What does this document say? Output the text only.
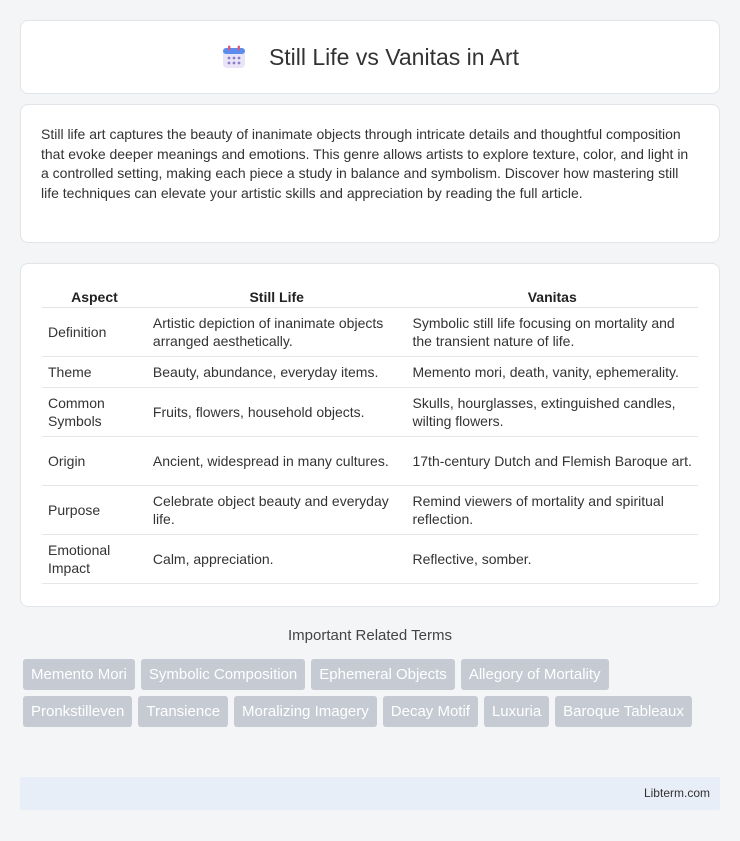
Still Life vs Vanitas in Art

Still life art captures the beauty of inanimate objects through intricate details and thoughtful composition that evoke deeper meanings and emotions. This genre allows artists to explore texture, color, and light in a controlled setting, making each piece a study in balance and symbolism. Discover how mastering still life techniques can elevate your artistic skills and appreciation by reading the full article.

Aspect	Still Life	Vanitas
Definition	Artistic depiction of inanimate objects arranged aesthetically.	Symbolic still life focusing on mortality and the transient nature of life.
Theme	Beauty, abundance, everyday items.	Memento mori, death, vanity, ephemerality.
Common Symbols	Fruits, flowers, household objects.	Skulls, hourglasses, extinguished candles, wilting flowers.
Origin	Ancient, widespread in many cultures.	17th-century Dutch and Flemish Baroque art.
Purpose	Celebrate object beauty and everyday life.	Remind viewers of mortality and spiritual reflection.
Emotional Impact	Calm, appreciation.	Reflective, somber.
Important Related Terms
Memento Mori	Symbolic Composition	Ephemeral Objects	Allegory of Mortality
Pronkstilleven	Transience	Moralizing Imagery	Decay Motif	Luxuria	Baroque Tableaux
Libterm.com
